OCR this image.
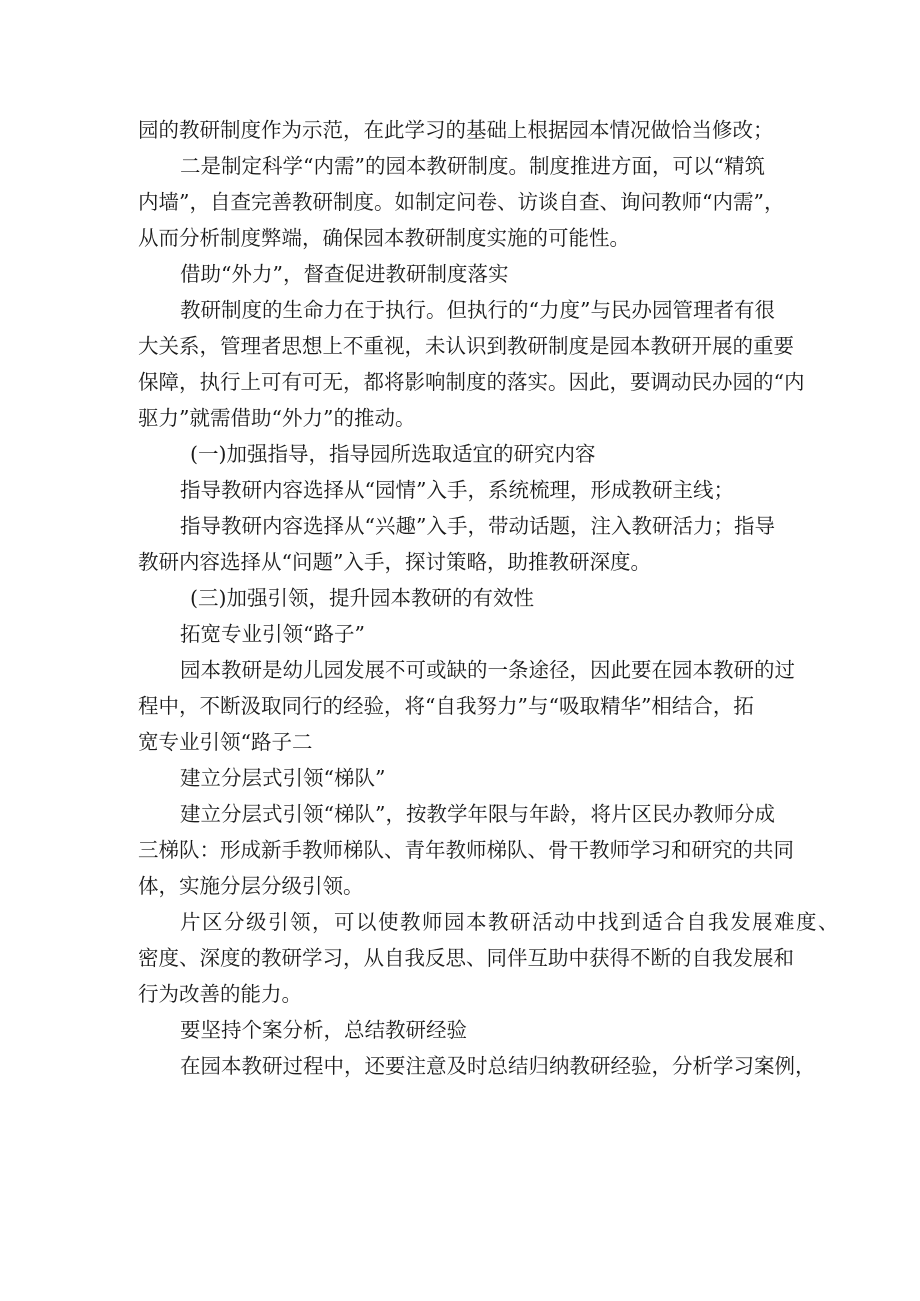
园的教研制度作为示范，在此学习的基础上根据园本情况做恰当修改；

二是制定科学“内需”的园本教研制度。制度推进方面，可以“精筑

内墙”，自查完善教研制度。如制定问卷、访谈自查、询问教师“内需”，

从而分析制度弊端，确保园本教研制度实施的可能性。

借助“外力”，督查促进教研制度落实

教研制度的生命力在于执行。但执行的“力度”与民办园管理者有很

大关系，管理者思想上不重视，未认识到教研制度是园本教研开展的重要

保障，执行上可有可无，都将影响制度的落实。因此，要调动民办园的“内

驱力”就需借助“外力”的推动。

(一)加强指导，指导园所选取适宜的研究内容

指导教研内容选择从“园情”入手，系统梳理，形成教研主线；

指导教研内容选择从“兴趣”入手，带动话题，注入教研活力；指导

教研内容选择从“问题”入手，探讨策略，助推教研深度。

(三)加强引领，提升园本教研的有效性

拓宽专业引领“路子”

园本教研是幼儿园发展不可或缺的一条途径，因此要在园本教研的过

程中，不断汲取同行的经验，将“自我努力”与“吸取精华”相结合，拓

宽专业引领“路子二

建立分层式引领“梯队”

建立分层式引领“梯队”，按教学年限与年龄，将片区民办教师分成

三梯队：形成新手教师梯队、青年教师梯队、骨干教师学习和研究的共同

体，实施分层分级引领。

片区分级引领，可以使教师园本教研活动中找到适合自我发展难度、

密度、深度的教研学习，从自我反思、同伴互助中获得不断的自我发展和

行为改善的能力。

要坚持个案分析，总结教研经验

在园本教研过程中，还要注意及时总结归纳教研经验，分析学习案例，
